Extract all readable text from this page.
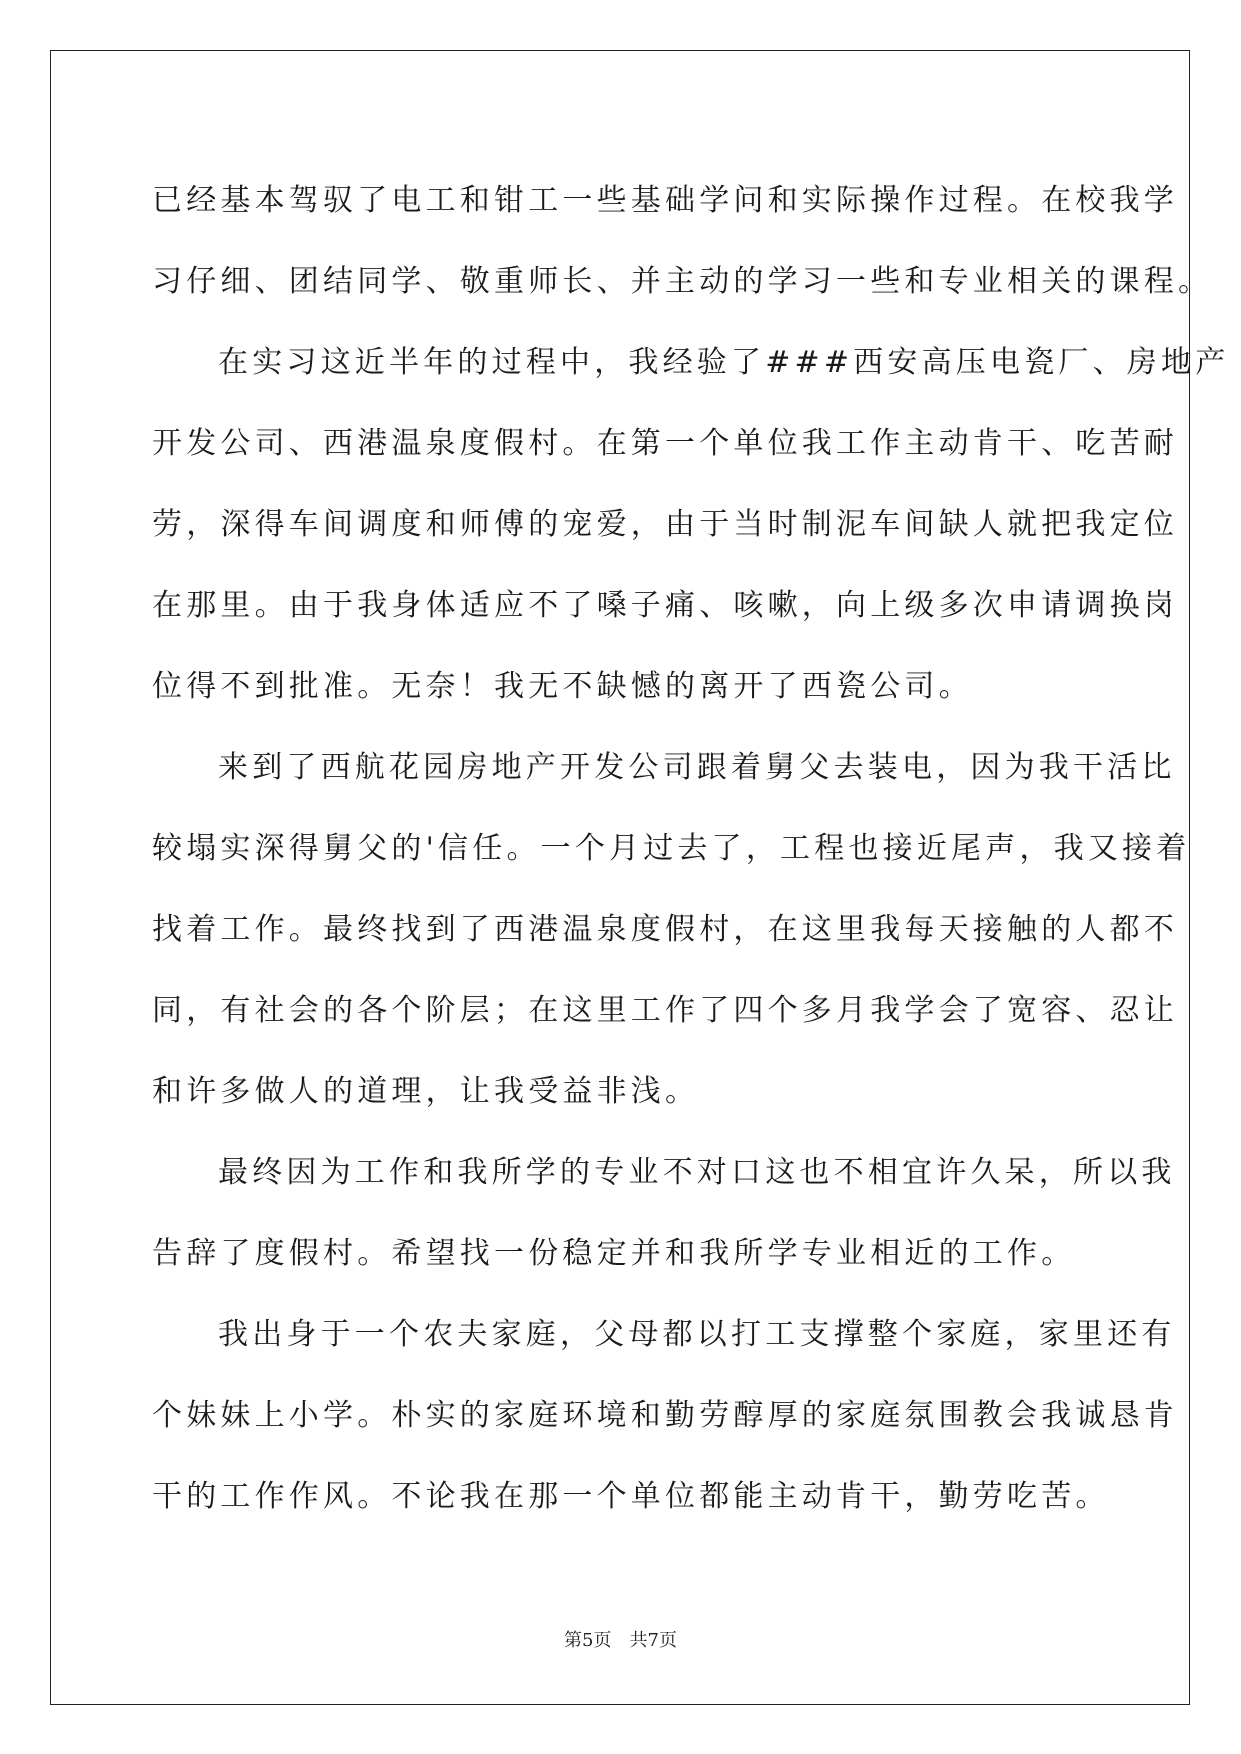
已经基本驾驭了电工和钳工一些基础学问和实际操作过程。在校我学
习仔细、团结同学、敬重师长、并主动的学习一些和专业相关的课程。
在实习这近半年的过程中，我经验了###西安高压电瓷厂、房地产
开发公司、西港温泉度假村。在第一个单位我工作主动肯干、吃苦耐
劳，深得车间调度和师傅的宠爱，由于当时制泥车间缺人就把我定位
在那里。由于我身体适应不了嗓子痛、咳嗽，向上级多次申请调换岗
位得不到批准。无奈！我无不缺憾的离开了西瓷公司。
来到了西航花园房地产开发公司跟着舅父去装电，因为我干活比
较塌实深得舅父的'信任。一个月过去了，工程也接近尾声，我又接着
找着工作。最终找到了西港温泉度假村，在这里我每天接触的人都不
同，有社会的各个阶层；在这里工作了四个多月我学会了宽容、忍让
和许多做人的道理，让我受益非浅。
最终因为工作和我所学的专业不对口这也不相宜许久呆，所以我
告辞了度假村。希望找一份稳定并和我所学专业相近的工作。
我出身于一个农夫家庭，父母都以打工支撑整个家庭，家里还有
个妹妹上小学。朴实的家庭环境和勤劳醇厚的家庭氛围教会我诚恳肯
干的工作作风。不论我在那一个单位都能主动肯干，勤劳吃苦。
第5页　共7页
